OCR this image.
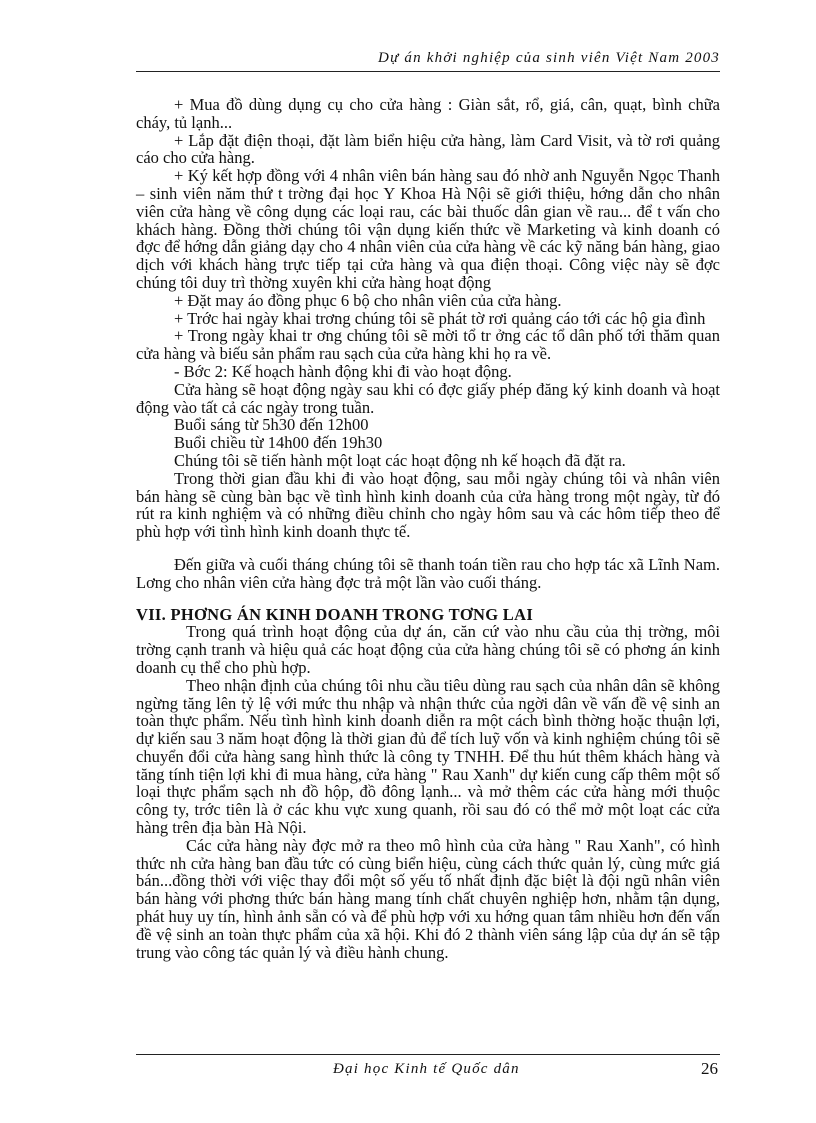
Dự án khởi nghiệp của sinh viên Việt Nam 2003

+ Mua đồ dùng dụng cụ cho cửa hàng : Giàn sắt, rổ, giá, cân, quạt, bình chữa cháy, tủ lạnh...

+ Lắp đặt điện thoại, đặt làm biển hiệu cửa hàng, làm Card Visit, và tờ rơi quảng cáo cho cửa hàng.

+ Ký kết hợp đồng với 4 nhân viên bán hàng sau đó nhờ anh Nguyễn Ngọc Thanh – sinh viên năm thứ t trờng đại học Y Khoa Hà Nội sẽ giới thiệu, hớng dẫn cho nhân viên cửa hàng về công dụng các loại rau, các bài thuốc dân gian về rau... để t vấn cho khách hàng. Đồng thời chúng tôi vận dụng kiến thức về Marketing và kinh doanh có đợc để hớng dẫn giảng dạy cho 4 nhân viên của cửa hàng về các kỹ năng bán hàng, giao dịch với khách hàng trực tiếp tại cửa hàng và qua điện thoại. Công việc này sẽ đợc chúng tôi duy trì thờng xuyên khi cửa hàng hoạt động

+ Đặt may áo đồng phục 6 bộ cho nhân viên của cửa hàng.

+ Trớc hai ngày khai trơng chúng tôi sẽ phát tờ rơi quảng cáo tới các hộ gia đình

+ Trong ngày khai tr ơng chúng tôi sẽ mời tổ tr ởng các tổ dân phố tới thăm quan cửa hàng và biếu sản phẩm rau sạch của cửa hàng khi họ ra về.

- Bớc 2: Kế hoạch hành động khi đi vào hoạt động.

Cửa hàng sẽ hoạt động ngày sau khi có đợc giấy phép đăng ký kinh doanh và hoạt động vào tất cả các ngày trong tuần.

Buổi sáng từ 5h30 đến 12h00

Buổi chiều từ 14h00 đến 19h30

Chúng tôi sẽ tiến hành một loạt các hoạt động nh kế hoạch đã đặt ra.

Trong thời gian đầu khi đi vào hoạt động, sau mỗi ngày chúng tôi và nhân viên bán hàng sẽ cùng bàn bạc về tình hình kinh doanh của cửa hàng trong một ngày, từ đó rút ra kinh nghiệm và có những điều chỉnh cho ngày hôm sau và các hôm tiếp theo để phù hợp với tình hình kinh doanh thực tế.

Đến giữa và cuối tháng chúng tôi sẽ thanh toán tiền rau cho hợp tác xã Lĩnh Nam. Lơng cho nhân viên cửa hàng đợc trả một lần vào cuối tháng.

VII. PHƠNG ÁN KINH DOANH TRONG TƠNG LAI

Trong quá trình hoạt động của dự án, căn cứ vào nhu cầu của thị trờng, môi trờng cạnh tranh và hiệu quả các hoạt động của cửa hàng chúng tôi sẽ có phơng án kinh doanh cụ thể cho phù hợp.

Theo nhận định của chúng tôi nhu cầu tiêu dùng rau sạch của nhân dân sẽ không ngừng tăng lên tỷ lệ với mức thu nhập và nhận thức của ngời dân về vấn đề vệ sinh an toàn thực phẩm. Nếu tình hình kinh doanh diễn ra một cách bình thờng hoặc thuận lợi, dự kiến sau 3 năm hoạt động là thời gian đủ để tích luỹ vốn và kinh nghiệm chúng tôi sẽ chuyển đổi cửa hàng sang hình thức là công ty TNHH. Để thu hút thêm khách hàng và tăng tính tiện lợi khi đi mua hàng, cửa hàng " Rau Xanh" dự kiến cung cấp thêm một số loại thực phẩm sạch nh đồ hộp, đồ đông lạnh... và mở thêm các cửa hàng mới thuộc công ty, trớc tiên là ở các khu vực xung quanh, rồi sau đó có thể mở một loạt các cửa hàng trên địa bàn Hà Nội.

Các cửa hàng này đợc mở ra theo mô hình của cửa hàng " Rau Xanh", có hình thức nh cửa hàng ban đầu tức có cùng biển hiệu, cùng cách thức quản lý, cùng mức giá bán...đồng thời với việc thay đổi một số yếu tố nhất định đặc biệt là đội ngũ nhân viên bán hàng với phơng thức bán hàng mang tính chất chuyên nghiệp hơn, nhằm tận dụng, phát huy uy tín, hình ảnh sẵn có và để phù hợp với xu hớng quan tâm nhiều hơn đến vấn đề vệ sinh an toàn thực phẩm của xã hội. Khi đó 2 thành viên sáng lập của dự án sẽ tập trung vào công tác quản lý và điều hành chung.

Đại học Kinh tế Quốc dân	26
